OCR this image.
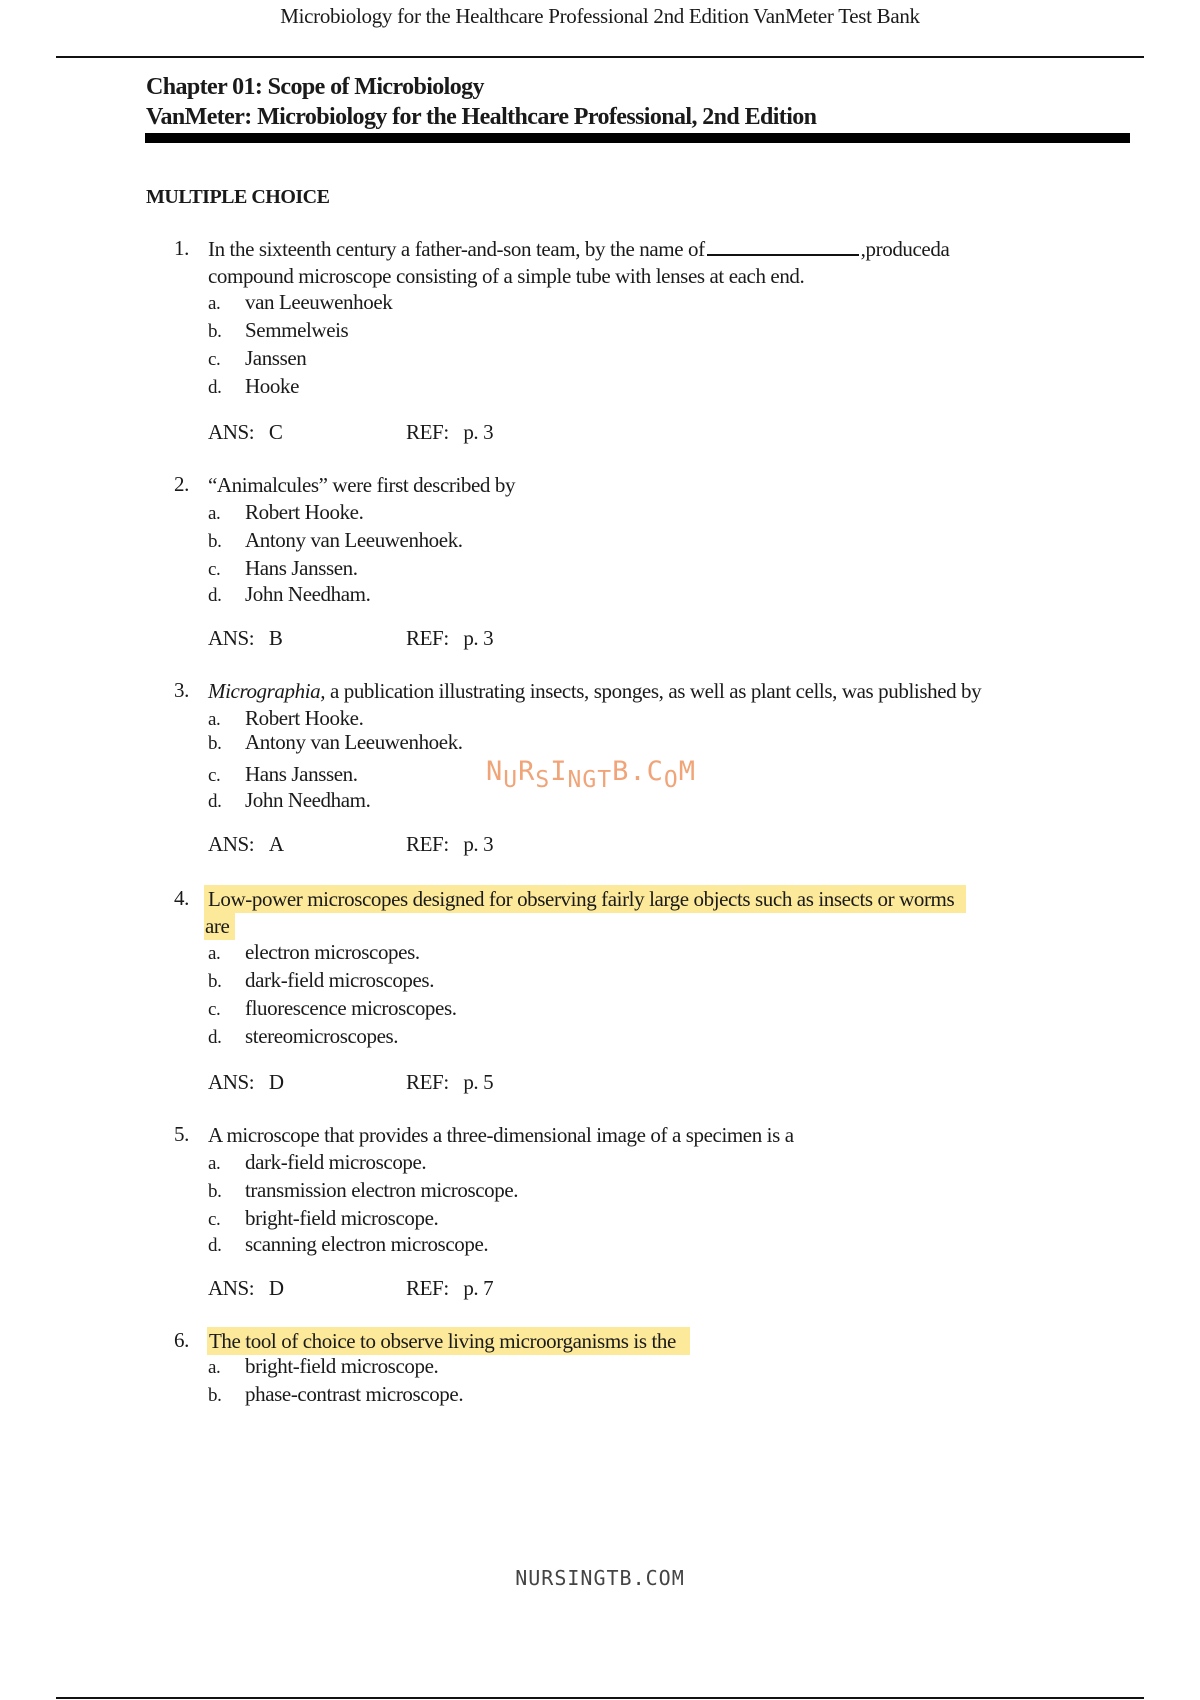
Microbiology for the Healthcare Professional 2nd Edition VanMeter Test Bank
Chapter 01: Scope of Microbiology
VanMeter: Microbiology for the Healthcare Professional, 2nd Edition
MULTIPLE CHOICE
1. In the sixteenth century a father-and-son team, by the name of	,produceda
compound microscope consisting of a simple tube with lenses at each end.
a. van Leeuwenhoek
b. Semmelweis
c. Janssen
d. Hooke
ANS: C	REF: p. 3
2. “Animalcules” were first described by
a. Robert Hooke.
b. Antony van Leeuwenhoek.
c. Hans Janssen.
d. John Needham.
ANS: B	REF: p. 3
3. Micrographia, a publication illustrating insects, sponges, as well as plant cells, was published by
a. Robert Hooke.
b. Antony van Leeuwenhoek.
c. Hans Janssen.
d. John Needham.
ANS: A	REF: p. 3
NURSINGTB.COM
4. Low-power microscopes designed for observing fairly large objects such as insects or worms
are
a. electron microscopes.
b. dark-field microscopes.
c. fluorescence microscopes.
d. stereomicroscopes.
ANS: D	REF: p. 5
5. A microscope that provides a three-dimensional image of a specimen is a
a. dark-field microscope.
b. transmission electron microscope.
c. bright-field microscope.
d. scanning electron microscope.
ANS: D	REF: p. 7
6. The tool of choice to observe living microorganisms is the
a. bright-field microscope.
b. phase-contrast microscope.
NURSINGTB.COM
